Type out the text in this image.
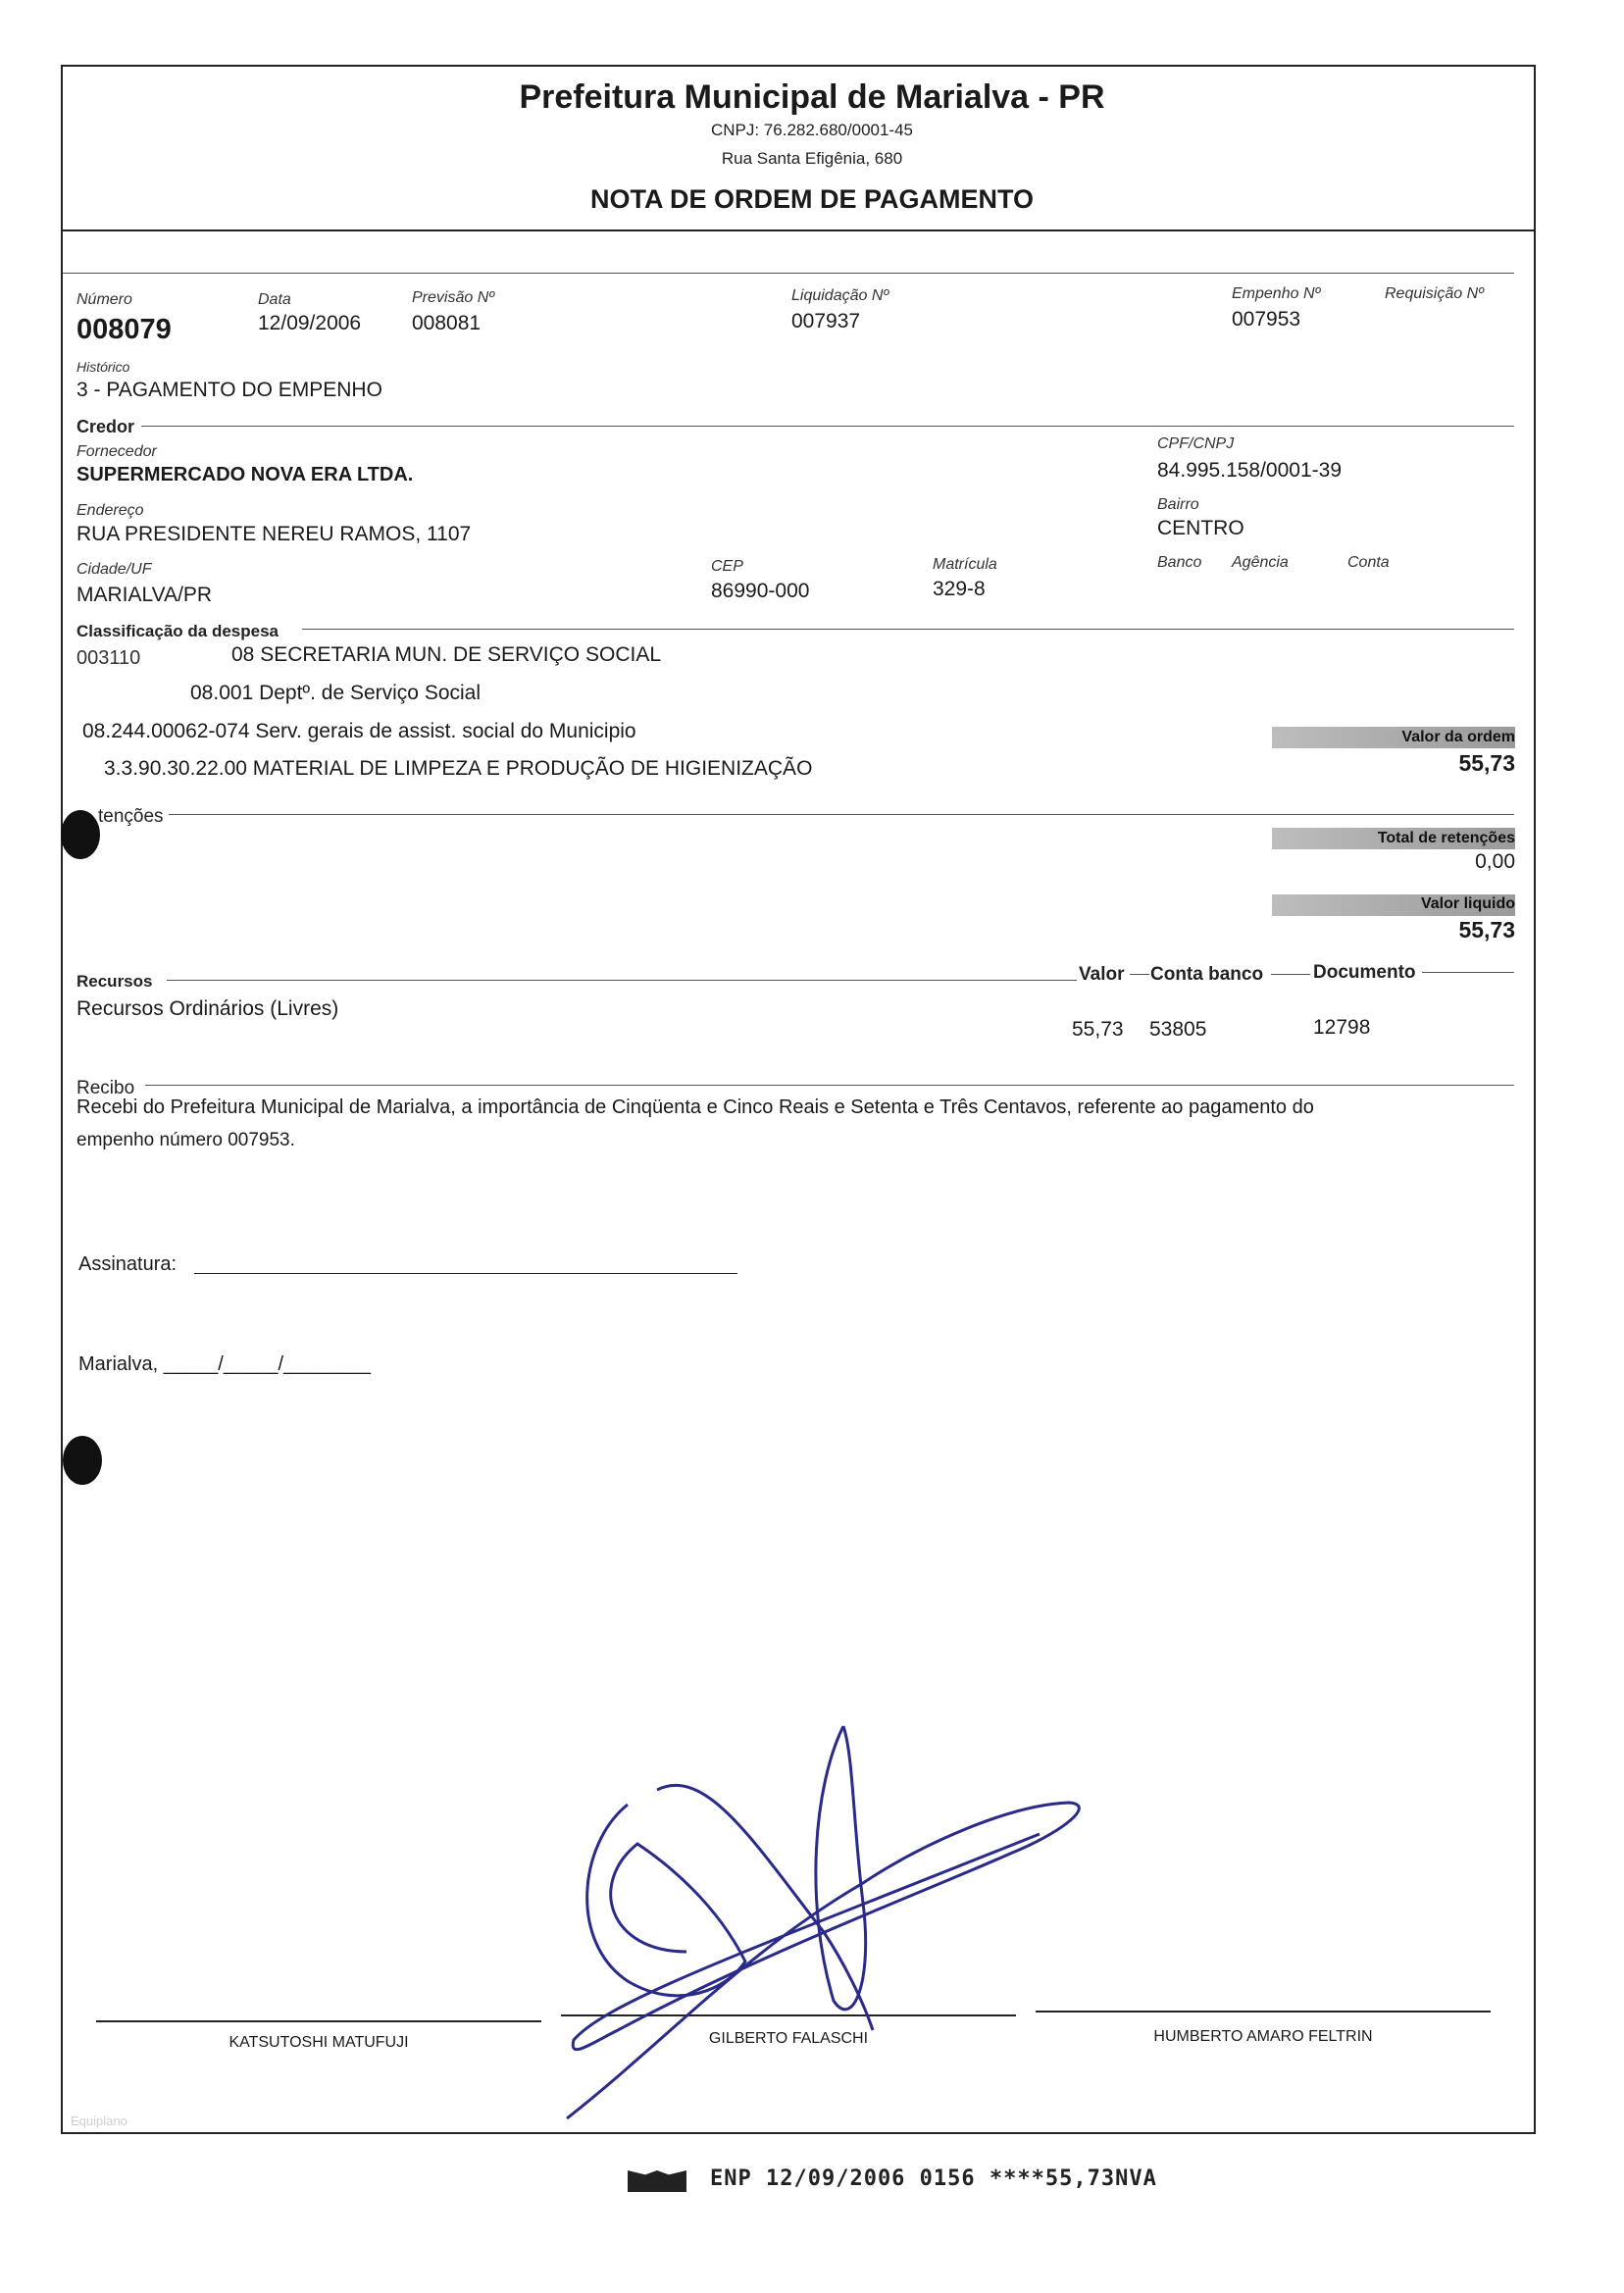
Prefeitura Municipal de Marialva - PR
CNPJ: 76.282.680/0001-45
Rua Santa Efigênia, 680
NOTA DE ORDEM DE PAGAMENTO
Número
008079
Data
12/09/2006
Previsão Nº
008081
Liquidação Nº
007937
Empenho Nº
007953
Requisição Nº
Histórico
3 - PAGAMENTO DO EMPENHO
Credor
Fornecedor
SUPERMERCADO NOVA ERA LTDA.
CPF/CNPJ
84.995.158/0001-39
Endereço
RUA PRESIDENTE NEREU RAMOS, 1107
Bairro
CENTRO
Cidade/UF
MARIALVA/PR
CEP
86990-000
Matrícula
329-8
Banco Agência	Conta
Classificação da despesa
003110	08 SECRETARIA MUN. DE SERVIÇO SOCIAL
08.001 Deptº. de Serviço Social
08.244.00062-074 Serv. gerais de assist. social do Municipio
3.3.90.30.22.00 MATERIAL DE LIMPEZA E PRODUÇÃO DE HIGIENIZAÇÃO
Valor da ordem
55,73
tenções
Total de retenções
0,00
Valor liquido
55,73
Recursos	Valor Conta banco	Documento
Recursos Ordinários (Livres)
55,73 53805	12798
Recibo
Recebi do Prefeitura Municipal de Marialva, a importância de Cinqüenta e Cinco Reais e Setenta e Três Centavos, referente ao pagamento do
empenho número 007953.
Assinatura:
Marialva, _____/_____/________
KATSUTOSHI MATUFUJI	GILBERTO FALASCHI	HUMBERTO AMARO FELTRIN
Equiplano
ENP 12/09/2006 0156 ****55,73NVA
